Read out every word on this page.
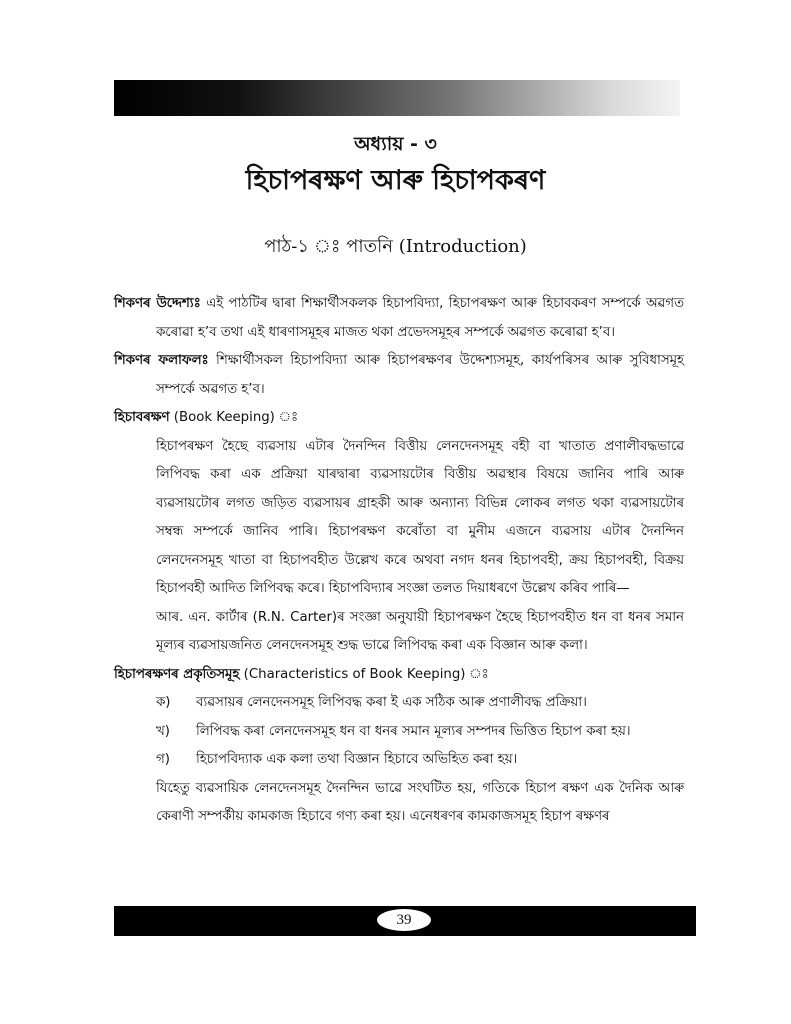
অধ্যায় - ৩
হিচাপৰক্ষণ আৰু হিচাপকৰণ
পাঠ-১ ঃ পাতনি (Introduction)

শিকণৰ উদ্দেশ্যঃ এই পাঠটিৰ দ্বাৰা শিক্ষাৰ্থীসকলক হিচাপবিদ্যা, হিচাপৰক্ষণ আৰু হিচাবকৰণ সম্পৰ্কে অৱগত কৰোৱা হ’ব তথা এই ধাৰণাসমূহৰ মাজত থকা প্ৰভেদসমূহৰ সম্পৰ্কে অৱগত কৰোৱা হ’ব।

শিকণৰ ফলাফলঃ শিক্ষাৰ্থীসকল হিচাপবিদ্যা আৰু হিচাপৰক্ষণৰ উদ্দেশ্যসমূহ, কাৰ্যপৰিসৰ আৰু সুবিধাসমূহ সম্পৰ্কে অৱগত হ’ব।

হিচাবৰক্ষণ (Book Keeping) ঃ

হিচাপৰক্ষণ হৈছে ব্যৱসায় এটাৰ দৈনন্দিন বিত্তীয় লেনদেনসমূহ বহী বা খাতাত প্ৰণালীবদ্ধভাৱে লিপিবদ্ধ কৰা এক প্ৰক্ৰিয়া যাৰদ্বাৰা ব্যৱসায়টোৰ বিত্তীয় অৱস্থাৰ বিষয়ে জানিব পাৰি আৰু ব্যৱসায়টোৰ লগত জড়িত ব্যৱসায়ৰ গ্ৰাহকী আৰু অন্যান্য বিভিন্ন লোকৰ লগত থকা ব্যৱসায়টোৰ সম্বন্ধ সম্পৰ্কে জানিব পাৰি। হিচাপৰক্ষণ কৰোঁতা বা মুনীম এজনে ব্যৱসায় এটাৰ দৈনন্দিন লেনদেনসমূহ খাতা বা হিচাপবহীত উল্লেখ কৰে অথবা নগদ ধনৰ হিচাপবহী, ক্ৰয় হিচাপবহী, বিক্ৰয় হিচাপবহী আদিত লিপিবদ্ধ কৰে। হিচাপবিদ্যাৰ সংজ্ঞা তলত দিয়াধৰণে উল্লেখ কৰিব পাৰি—

আৰ. এন. কাৰ্টাৰ (R.N. Carter)ৰ সংজ্ঞা অনুযায়ী হিচাপৰক্ষণ হৈছে হিচাপবহীত ধন বা ধনৰ সমান মূল্যৰ ব্যৱসায়জনিত লেনদেনসমূহ শুদ্ধ ভাৱে লিপিবদ্ধ কৰা এক বিজ্ঞান আৰু কলা।

হিচাপৰক্ষণৰ প্ৰকৃতিসমূহ (Characteristics of Book Keeping) ঃ

ক)	ব্যৱসায়ৰ লেনদেনসমূহ লিপিবদ্ধ কৰা ই এক সঠিক আৰু প্ৰণালীবদ্ধ প্ৰক্ৰিয়া।
খ)	লিপিবদ্ধ কৰা লেনদেনসমূহ ধন বা ধনৰ সমান মূল্যৰ সম্পদৰ ভিত্তিত হিচাপ কৰা হয়।
গ)	হিচাপবিদ্যাক এক কলা তথা বিজ্ঞান হিচাবে অভিহিত কৰা হয়।

যিহেতু ব্যৱসায়িক লেনদেনসমূহ দৈনন্দিন ভাৱে সংঘটিত হয়, গতিকে হিচাপ ৰক্ষণ এক দৈনিক আৰু কেৰাণী সম্পৰ্কীয় কামকাজ হিচাবে গণ্য কৰা হয়। এনেধৰণৰ কামকাজসমূহ হিচাপ ৰক্ষণৰ

39
